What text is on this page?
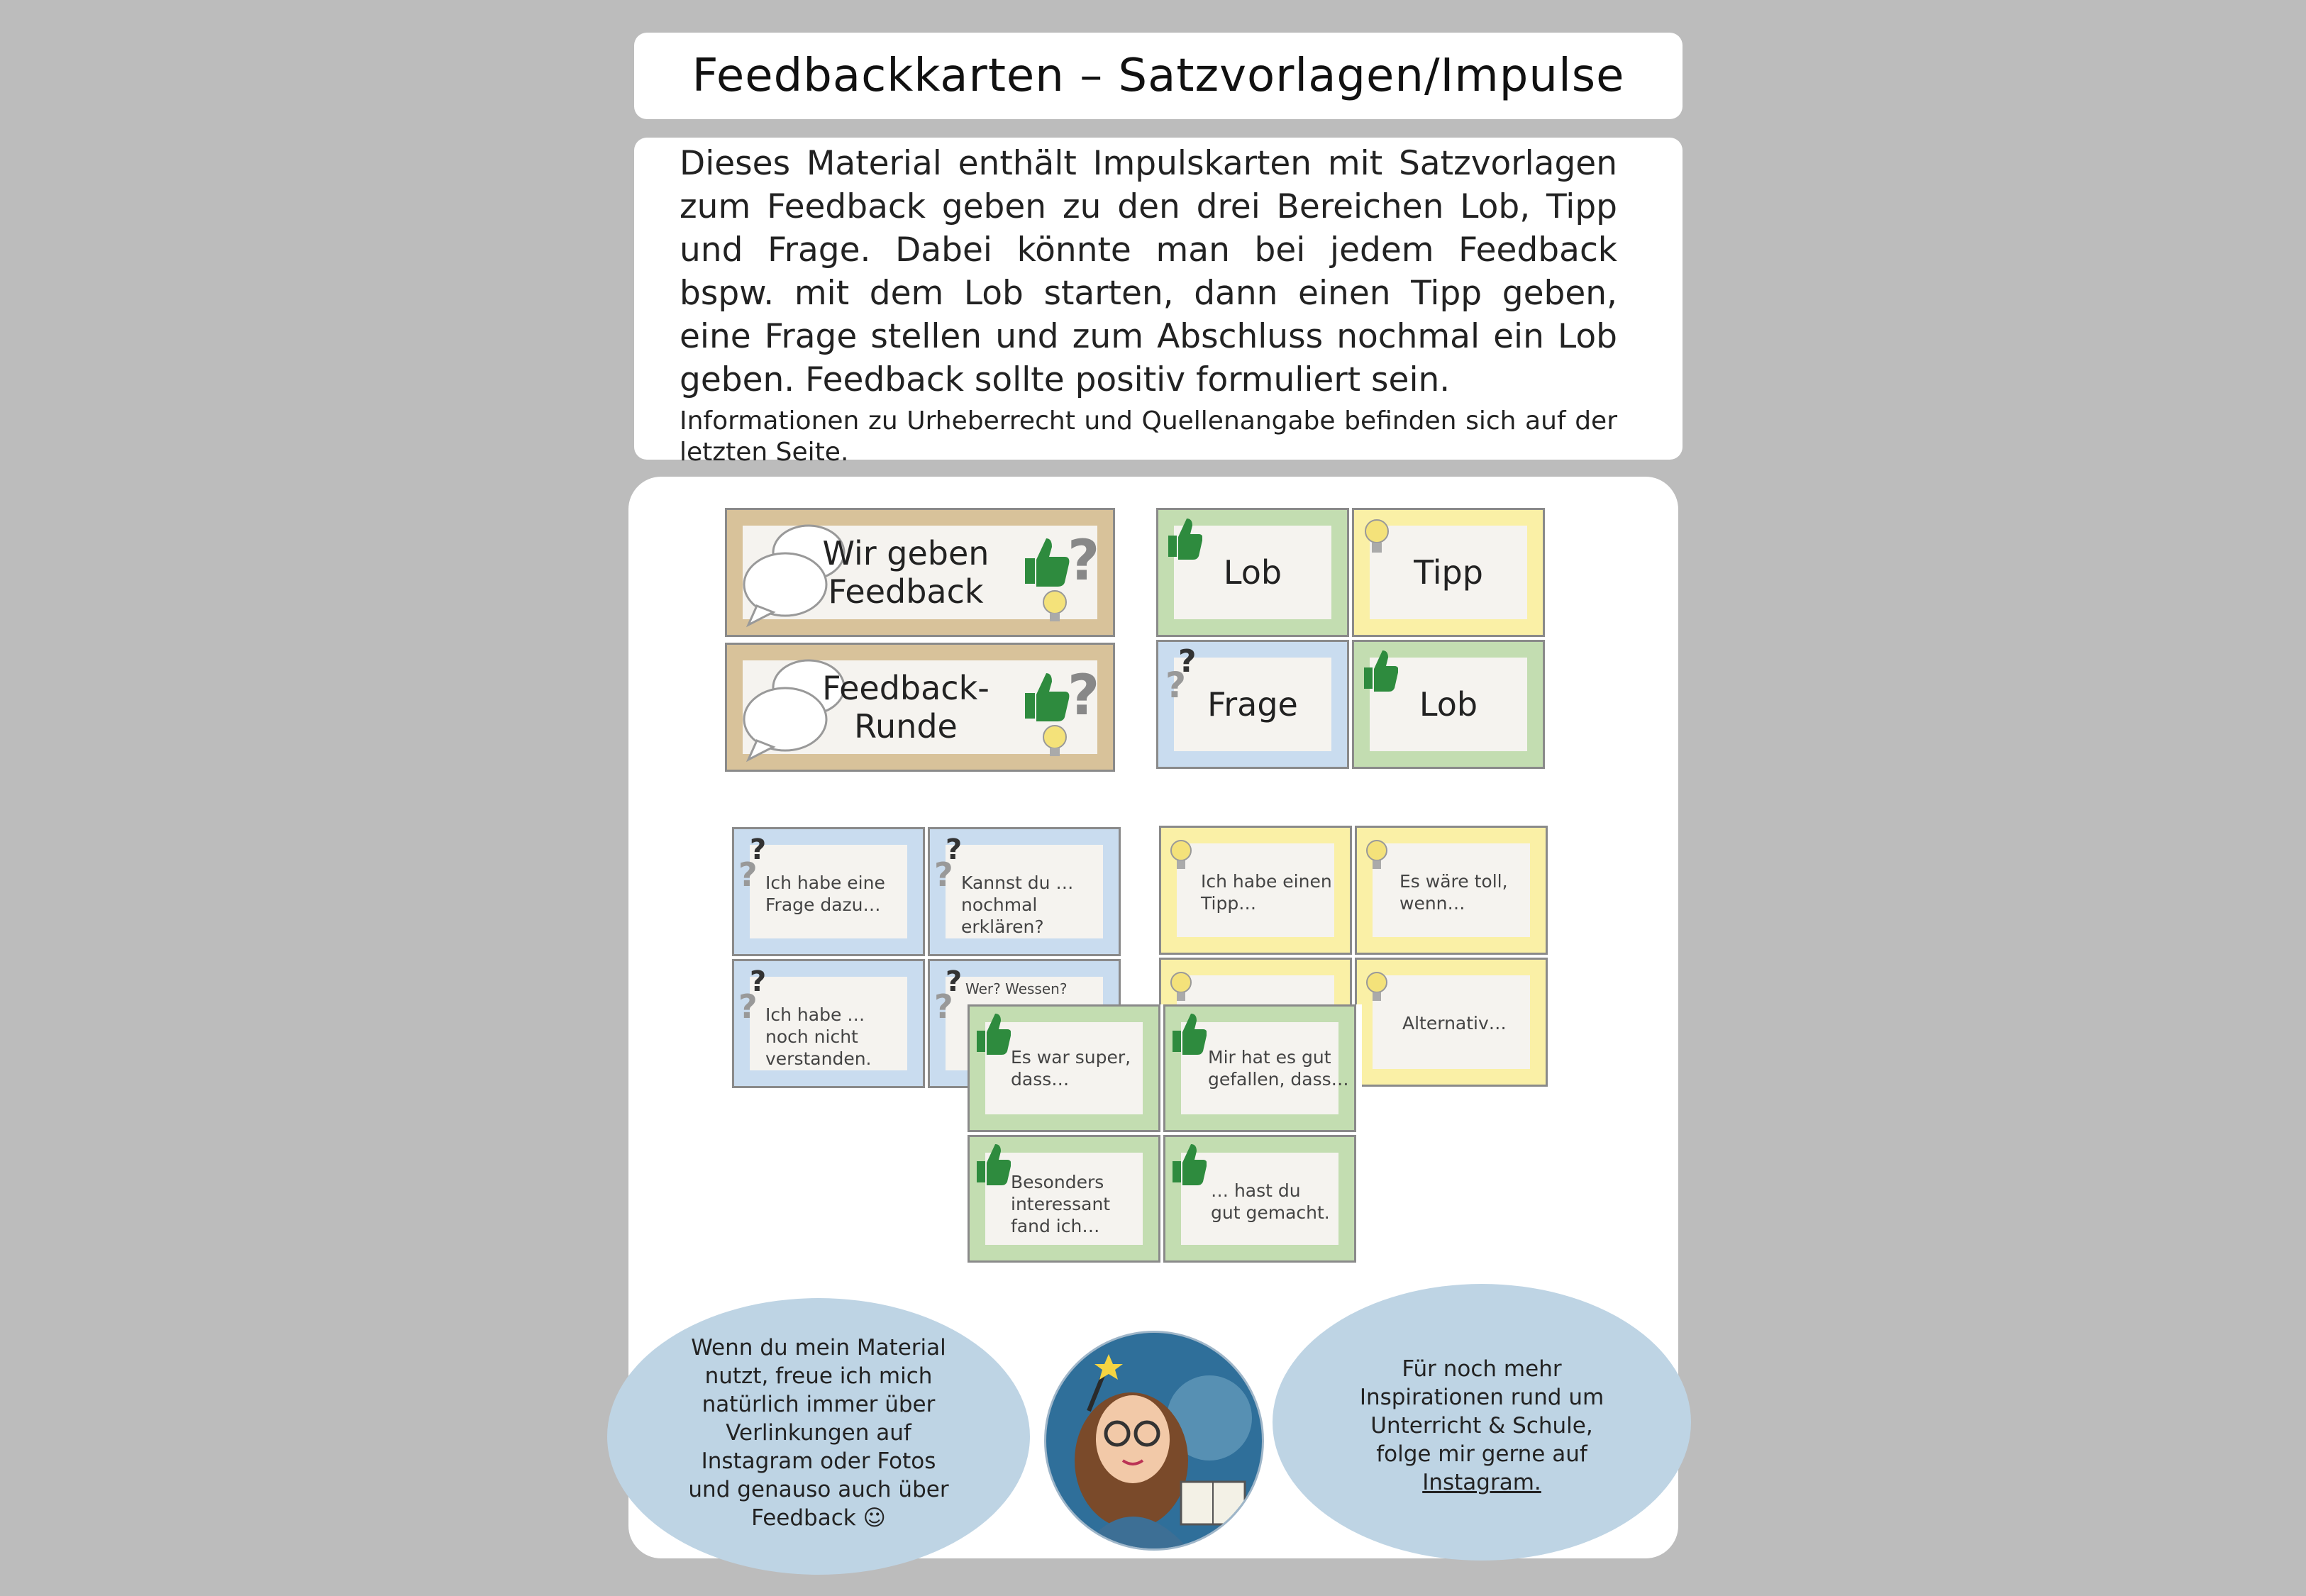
Feedbackkarten – Satzvorlagen/Impulse

Dieses Material enthält Impulskarten mit Satzvorlagen zum Feedback geben zu den drei Bereichen Lob, Tipp und Frage. Dabei könnte man bei jedem Feedback bspw. mit dem Lob starten, dann einen Tipp geben, eine Frage stellen und zum Abschluss nochmal ein Lob geben. Feedback sollte positiv formuliert sein.

Informationen zu Urheberrecht und Quellenangabe befinden sich auf der letzten Seite.

Wir geben Feedback	?
Feedback-Runde	?
Lob	Tipp
?
? Frage	Lob
?
? Ich habe eine Frage dazu…
?
? Kannst du … nochmal erklären?
?
? Ich habe … noch nicht verstanden.
?
? Wer? Wessen?
Ich habe einen Tipp…
Es wäre toll, wenn…
Alternativ…
Es war super, dass…
Mir hat es gut gefallen, dass…
Besonders interessant fand ich…
… hast du gut gemacht.
Wenn du mein Material nutzt, freue ich mich natürlich immer über Verlinkungen auf Instagram oder Fotos und genauso auch über Feedback ☺
Für noch mehr Inspirationen rund um Unterricht & Schule, folge mir gerne auf
Instagram.
